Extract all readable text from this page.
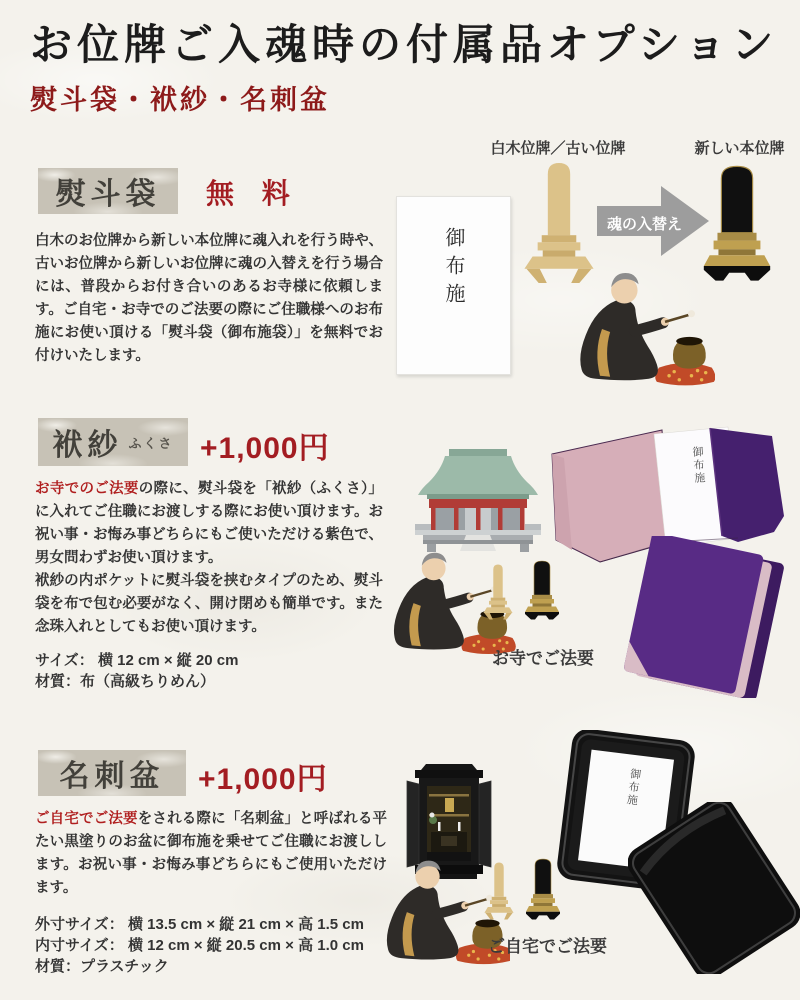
お位牌ご入魂時の付属品オプション
熨斗袋・袱紗・名刺盆
熨斗袋 無 料
白木のお位牌から新しい本位牌に魂入れを行う時や、古いお位牌から新しいお位牌に魂の入替えを行う場合には、普段からお付き合いのあるお寺様に依頼します。ご自宅・お寺でのご法要の際にご住職様へのお布施にお使い頂ける「熨斗袋（御布施袋）」を無料でお付けいたします。
白木位牌／古い位牌	新しい本位牌
御布施
魂の入替え
袱紗 ふくさ +1,000円
お寺でのご法要の際に、熨斗袋を「袱紗（ふくさ）」に入れてご住職にお渡しする際にお使い頂けます。お祝い事・お悔み事どちらにもご使いただける紫色で、男女問わずお使い頂けます。
袱紗の内ポケットに熨斗袋を挟むタイプのため、熨斗袋を布で包む必要がなく、開け閉めも簡単です。また念珠入れとしてもお使い頂けます。
サイズ： 横 12 cm × 縦 20 cm
材質：布（高級ちりめん）
御布施
お寺でご法要
名刺盆 +1,000円
ご自宅でご法要をされる際に「名刺盆」と呼ばれる平たい黒塗りのお盆に御布施を乗せてご住職にお渡しします。お祝い事・お悔み事どちらにもご使用いただけます。
外寸サイズ： 横 13.5 cm × 縦 21 cm × 高 1.5 cm
内寸サイズ： 横 12 cm × 縦 20.5 cm × 高 1.0 cm
材質：プラスチック
御布施
ご自宅でご法要
